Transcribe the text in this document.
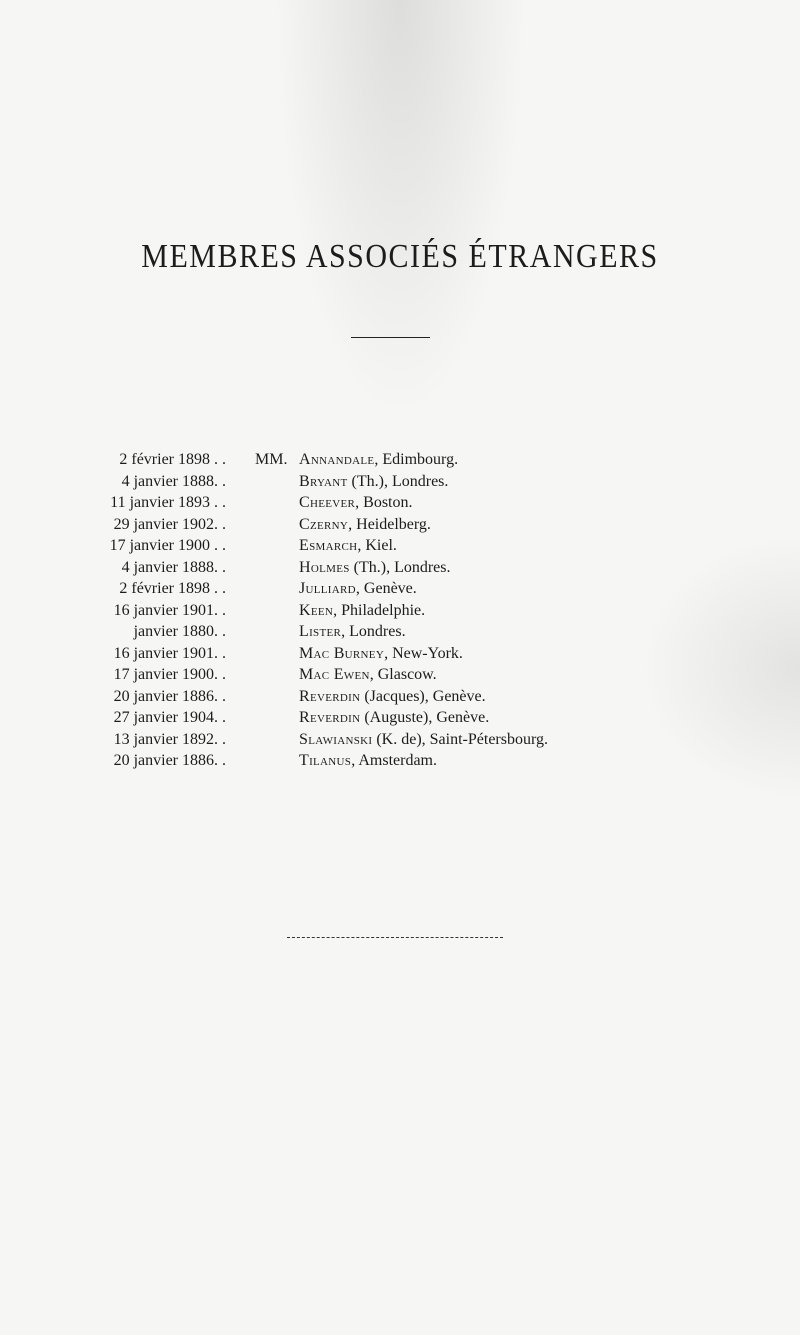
MEMBRES ASSOCIÉS ÉTRANGERS
2 février 1898 . . MM. Annandale, Edimbourg.
4 janvier 1888. .	Bryant (Th.), Londres.
11 janvier 1893 . .	Cheever, Boston.
29 janvier 1902. .	Czerny, Heidelberg.
17 janvier 1900 . .	Esmarch, Kiel.
4 janvier 1888. .	Holmes (Th.), Londres.
2 février 1898 . .	Julliard, Genève.
16 janvier 1901. .	Keen, Philadelphie.
janvier 1880. .	Lister, Londres.
16 janvier 1901. .	Mac Burney, New-York.
17 janvier 1900. .	Mac Ewen, Glascow.
20 janvier 1886. .	Reverdin (Jacques), Genève.
27 janvier 1904. .	Reverdin (Auguste), Genève.
13 janvier 1892. .	Slawianski (K. de), Saint-Pétersbourg.
20 janvier 1886. .	Tilanus, Amsterdam.
